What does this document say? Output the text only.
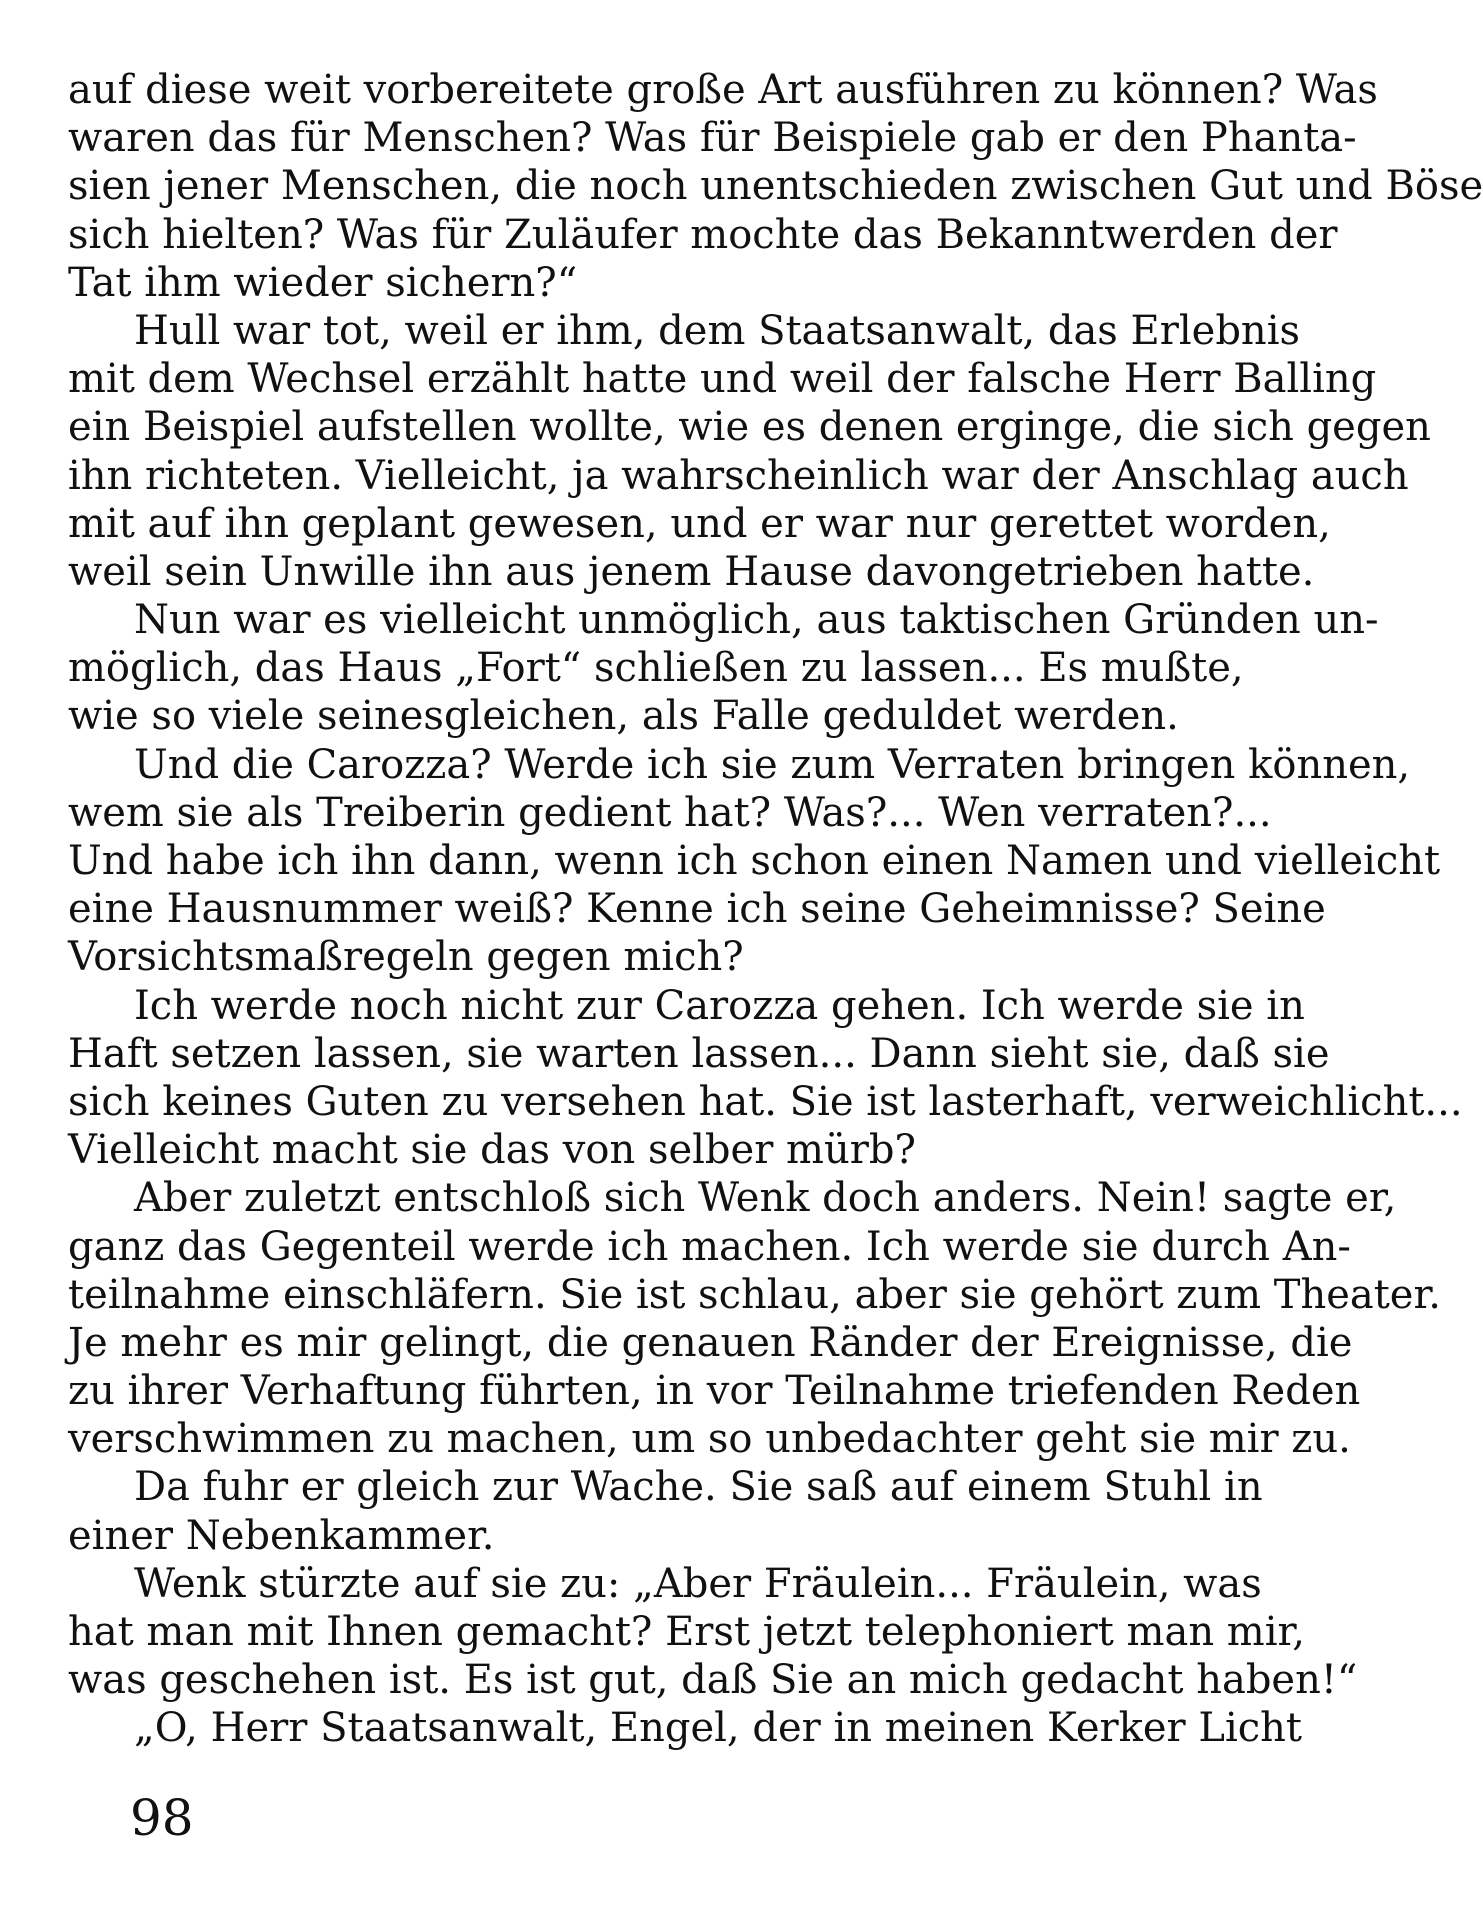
auf diese weit vorbereitete große Art ausführen zu können? Was
waren das für Menschen? Was für Beispiele gab er den Phanta-
sien jener Menschen, die noch unentschieden zwischen Gut und Böse
sich hielten? Was für Zuläufer mochte das Bekanntwerden der
Tat ihm wieder sichern?“
Hull war tot, weil er ihm, dem Staatsanwalt, das Erlebnis
mit dem Wechsel erzählt hatte und weil der falsche Herr Balling
ein Beispiel aufstellen wollte, wie es denen erginge, die sich gegen
ihn richteten. Vielleicht, ja wahrscheinlich war der Anschlag auch
mit auf ihn geplant gewesen, und er war nur gerettet worden,
weil sein Unwille ihn aus jenem Hause davongetrieben hatte.
Nun war es vielleicht unmöglich, aus taktischen Gründen un-
möglich, das Haus „Fort“ schließen zu lassen... Es mußte,
wie so viele seinesgleichen, als Falle geduldet werden.
Und die Carozza? Werde ich sie zum Verraten bringen können,
wem sie als Treiberin gedient hat? Was?... Wen verraten?...
Und habe ich ihn dann, wenn ich schon einen Namen und vielleicht
eine Hausnummer weiß? Kenne ich seine Geheimnisse? Seine
Vorsichtsmaßregeln gegen mich?
Ich werde noch nicht zur Carozza gehen. Ich werde sie in
Haft setzen lassen, sie warten lassen... Dann sieht sie, daß sie
sich keines Guten zu versehen hat. Sie ist lasterhaft, verweichlicht...
Vielleicht macht sie das von selber mürb?
Aber zuletzt entschloß sich Wenk doch anders. Nein! sagte er,
ganz das Gegenteil werde ich machen. Ich werde sie durch An-
teilnahme einschläfern. Sie ist schlau, aber sie gehört zum Theater.
Je mehr es mir gelingt, die genauen Ränder der Ereignisse, die
zu ihrer Verhaftung führten, in vor Teilnahme triefenden Reden
verschwimmen zu machen, um so unbedachter geht sie mir zu.
Da fuhr er gleich zur Wache. Sie saß auf einem Stuhl in
einer Nebenkammer.
Wenk stürzte auf sie zu: „Aber Fräulein... Fräulein, was
hat man mit Ihnen gemacht? Erst jetzt telephoniert man mir,
was geschehen ist. Es ist gut, daß Sie an mich gedacht haben!“
„O, Herr Staatsanwalt, Engel, der in meinen Kerker Licht
98
